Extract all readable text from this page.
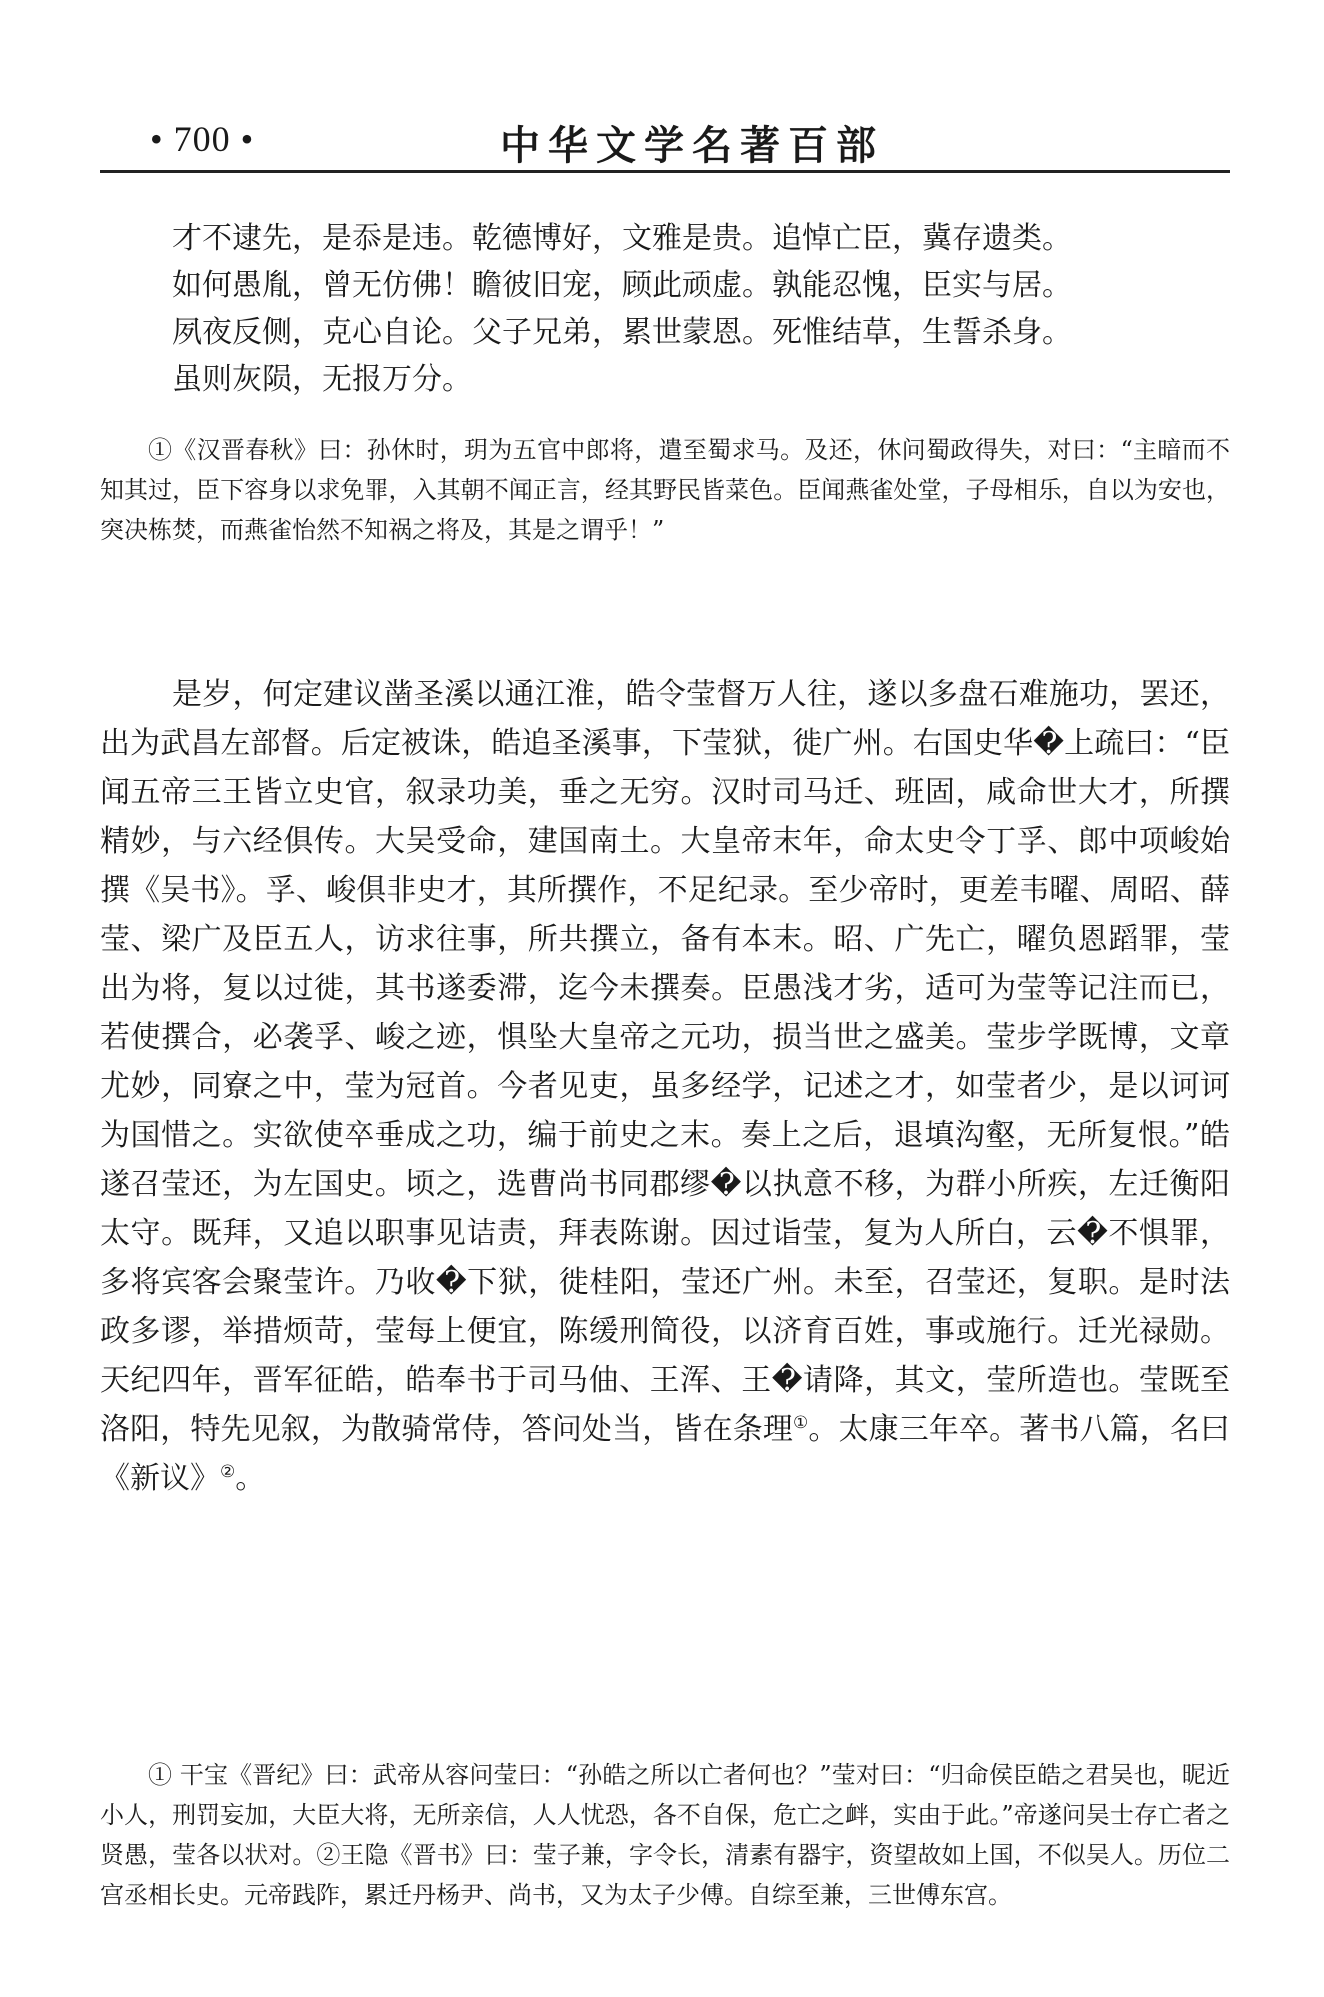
• 700 •	中华文学名著百部

才不逮先，是忝是违。乾德博好，文雅是贵。追悼亡臣，冀存遗类。

如何愚胤，曾无仿佛！瞻彼旧宠，顾此顽虚。孰能忍愧，臣实与居。

夙夜反侧，克心自论。父子兄弟，累世蒙恩。死惟结草，生誓杀身。

虽则灰陨，无报万分。

①《汉晋春秋》曰：孙休时，玥为五官中郎将，遣至蜀求马。及还，休问蜀政得失，对曰：“主暗而不知其过，臣下容身以求免罪，入其朝不闻正言，经其野民皆菜色。臣闻燕雀处堂，子母相乐，自以为安也，突决栋焚，而燕雀怡然不知祸之将及，其是之谓乎！”

是岁，何定建议凿圣溪以通江淮，皓令莹督万人往，遂以多盘石难施功，罢还，出为武昌左部督。后定被诛，皓追圣溪事，下莹狱，徙广州。右国史华�上疏曰：“臣闻五帝三王皆立史官，叙录功美，垂之无穷。汉时司马迁、班固，咸命世大才，所撰精妙，与六经俱传。大吴受命，建国南土。大皇帝末年，命太史令丁孚、郎中项峻始撰《吴书》。孚、峻俱非史才，其所撰作，不足纪录。至少帝时，更差韦曜、周昭、薛莹、梁广及臣五人，访求往事，所共撰立，备有本末。昭、广先亡，曜负恩蹈罪，莹出为将，复以过徙，其书遂委滞，迄今未撰奏。臣愚浅才劣，适可为莹等记注而已，若使撰合，必袭孚、峻之迹，惧坠大皇帝之元功，损当世之盛美。莹步学既博，文章尤妙，同寮之中，莹为冠首。今者见吏，虽多经学，记述之才，如莹者少，是以诃诃为国惜之。实欲使卒垂成之功，编于前史之末。奏上之后，退填沟壑，无所复恨。”皓遂召莹还，为左国史。顷之，选曹尚书同郡缪�以执意不移，为群小所疾，左迁衡阳太守。既拜，又追以职事见诘责，拜表陈谢。因过诣莹，复为人所白，云�不惧罪，多将宾客会聚莹许。乃收�下狱，徙桂阳，莹还广州。未至，召莹还，复职。是时法政多谬，举措烦苛，莹每上便宜，陈缓刑简役，以济育百姓，事或施行。迁光禄勋。天纪四年，晋军征皓，皓奉书于司马伷、王浑、王�请降，其文，莹所造也。莹既至洛阳，特先见叙，为散骑常侍，答问处当，皆在条理①。太康三年卒。著书八篇，名曰《新议》②。

① 干宝《晋纪》曰：武帝从容问莹曰：“孙皓之所以亡者何也？”莹对曰：“归命侯臣皓之君吴也，昵近小人，刑罚妄加，大臣大将，无所亲信，人人忧恐，各不自保，危亡之衅，实由于此。”帝遂问吴士存亡者之贤愚，莹各以状对。②王隐《晋书》曰：莹子兼，字令长，清素有器宇，资望故如上国，不似吴人。历位二宫丞相长史。元帝践阼，累迁丹杨尹、尚书，又为太子少傅。自综至兼，三世傅东宫。
